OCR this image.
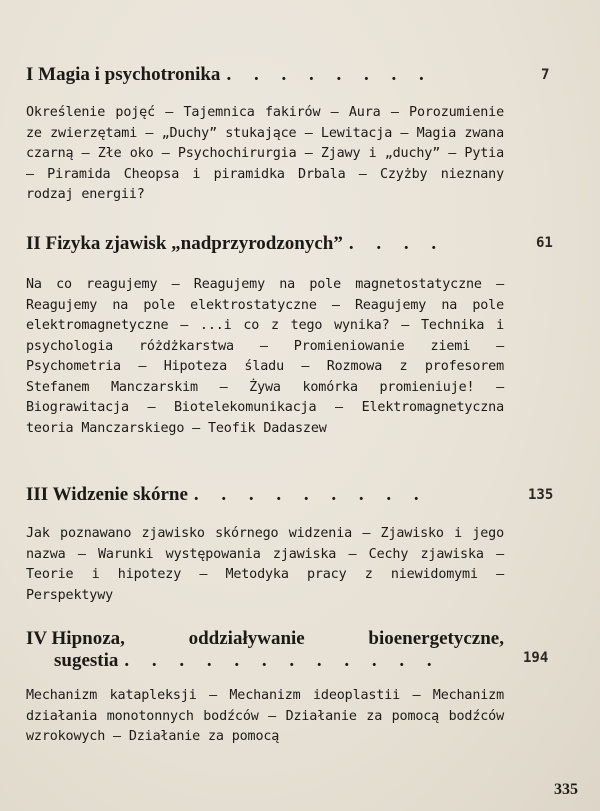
I Magia i psychotronika . . . . . . . .
Określenie pojęć — Tajemnica fakirów — Aura — Porozumienie ze zwierzętami — „Duchy” stukające — Lewitacja — Magia zwana czarną — Złe oko — Psychochirurgia — Zjawy i „duchy” — Pytia — Piramida Cheopsa i piramidka Drbala — Czyżby nieznany rodzaj energii?
7
II Fizyka zjawisk „nadprzyrodzonych” . . . .
Na co reagujemy — Reagujemy na pole magnetostatyczne — Reagujemy na pole elektrostatyczne — Reagujemy na pole elektromagnetyczne — ...i co z tego wynika? — Technika i psychologia różdżkarstwa — Promieniowanie ziemi — Psychometria — Hipoteza śladu — Rozmowa z profesorem Stefanem Manczarskim — Żywa komórka promieniuje! — Biograwitacja — Biotelekomunikacja — Elektromagnetyczna teoria Manczarskiego — Teofik Dadaszew
61
III Widzenie skórne . . . . . . . . .
Jak poznawano zjawisko skórnego widzenia — Zjawisko i jego nazwa — Warunki występowania zjawiska — Cechy zjawiska — Teorie i hipotezy — Metodyka pracy z niewidomymi — Perspektywy
135
IV Hipnoza,	oddziaływanie	bioenergetyczne,
sugestia . . . . . . . . . . . .
Mechanizm katapleksji — Mechanizm ideoplastii — Mechanizm działania monotonnych bodźców — Działanie za pomocą bodźców wzrokowych — Działanie za pomocą
194
335
